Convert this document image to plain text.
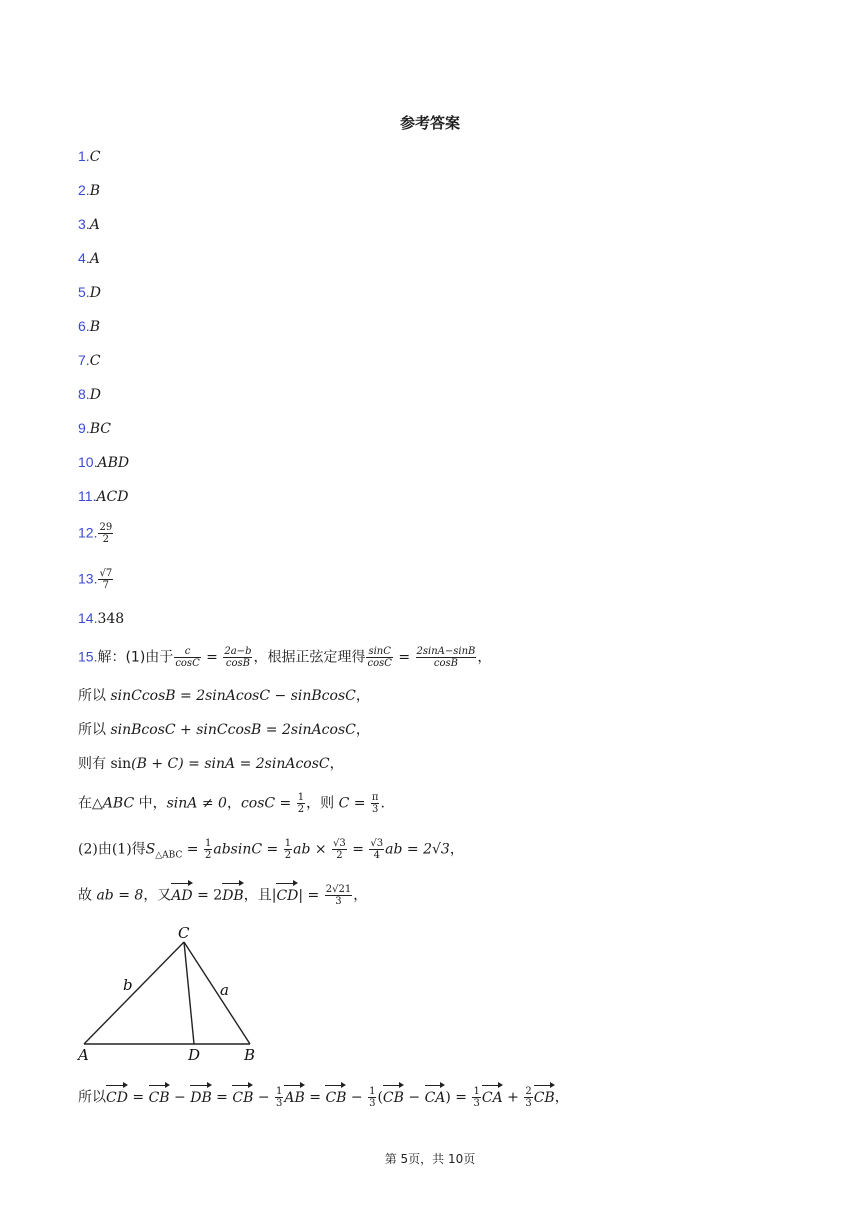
参考答案
1.C
2.B
3.A
4.A
5.D
6.B
7.C
8.D
9.BC
10.ABD
11.ACD
12. $\frac{29}{2}$
13. $\frac{√7}{7}$
14.348
15.解：(1)由于 $\frac{c}{\cos C} = \frac{2a-b}{\cos B}$ ，根据正弦定理得 $\frac{\sin C}{\cos C} = \frac{2\sin A-\sin B}{\cos B}$ ，
所以 sinCcosB = 2sinAcosC − sinBcosC，
所以 sinBcosC + sinCcosB = 2sinAcosC，
则有 sin(B + C) = sinA = 2sinAcosC，
在△ABC 中，sinA ≠ 0，$\cos C = \frac{1}{2}$ ，则 $C = \frac{\pi}{3}$ .
(2)由(1)得$S_{\triangle ABC} = \frac{1}{2}$ $absinC = \frac{1}{2}$ ab × $\frac{√3}{2} = \frac{√3}{4}$ ab = 2√3，
故 ab = 8，又AD = 2DB，且$|CD| = \frac{2√21}{3}$ ，
C
A	B
D
a
b
所以CD = CB − DB = CB − $\frac{1}{3}$ AB = CB − $\frac{1}{3} (CB - CA) = \frac{1}{3}$ CA + $\frac{2}{3}$ CB，
第 5页，共 10页
